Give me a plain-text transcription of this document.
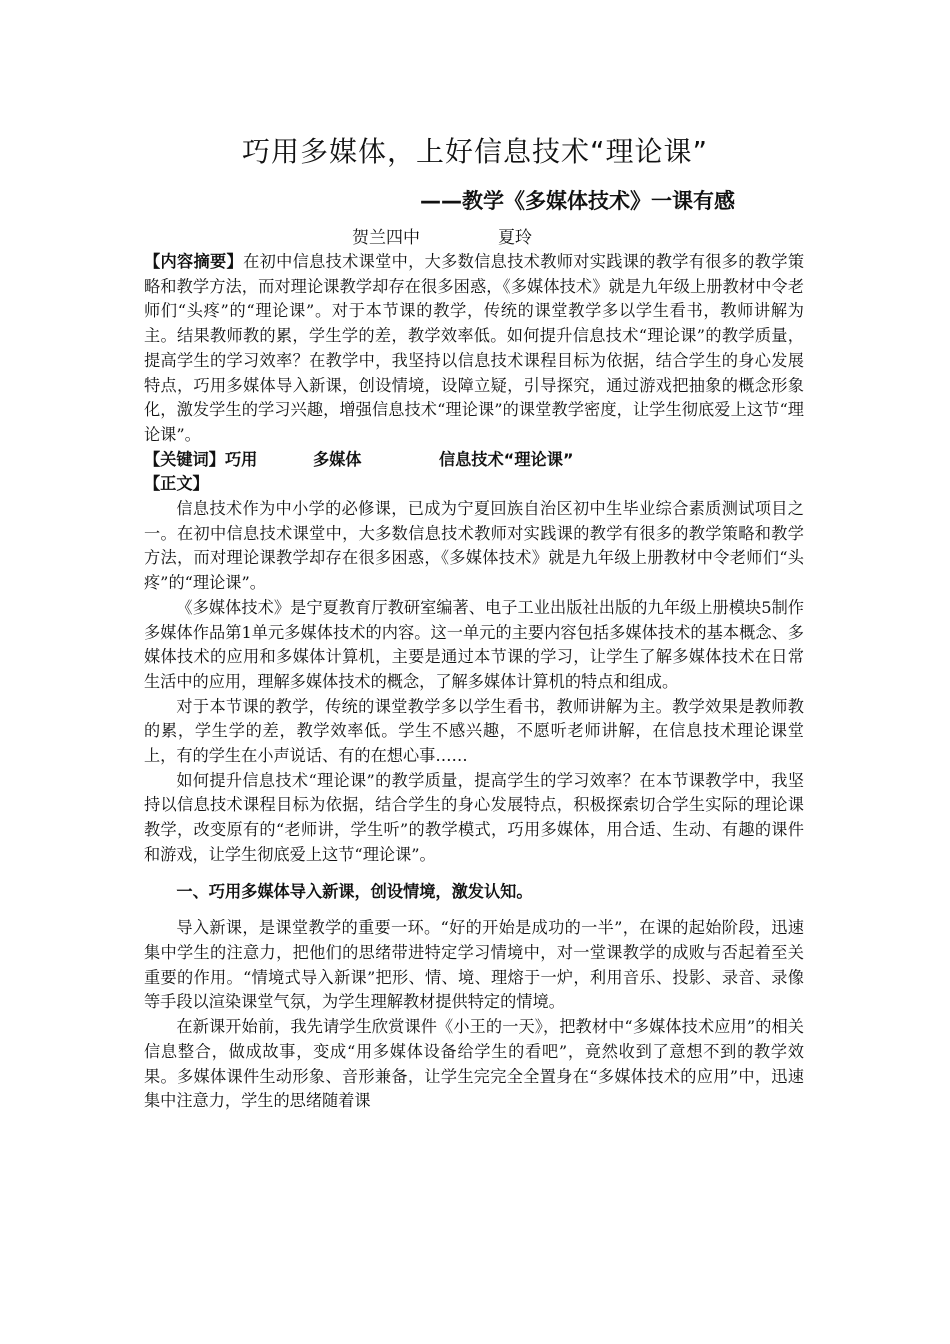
巧用多媒体，上好信息技术“理论课”
——教学《多媒体技术》一课有感
贺兰四中	夏玲

【内容摘要】在初中信息技术课堂中，大多数信息技术教师对实践课的教学有很多的教学策略和教学方法，而对理论课教学却存在很多困惑，《多媒体技术》就是九年级上册教材中令老师们“头疼”的“理论课”。对于本节课的教学，传统的课堂教学多以学生看书，教师讲解为主。结果教师教的累，学生学的差，教学效率低。如何提升信息技术“理论课”的教学质量，提高学生的学习效率？在教学中，我坚持以信息技术课程目标为依据，结合学生的身心发展特点，巧用多媒体导入新课，创设情境，设障立疑，引导探究，通过游戏把抽象的概念形象化，激发学生的学习兴趣，增强信息技术“理论课”的课堂教学密度，让学生彻底爱上这节“理论课”。

【关键词】巧用	多媒体	信息技术“理论课”

【正文】

信息技术作为中小学的必修课，已成为宁夏回族自治区初中生毕业综合素质测试项目之一。在初中信息技术课堂中，大多数信息技术教师对实践课的教学有很多的教学策略和教学方法，而对理论课教学却存在很多困惑，《多媒体技术》就是九年级上册教材中令老师们“头疼”的“理论课”。

《多媒体技术》是宁夏教育厅教研室编著、电子工业出版社出版的九年级上册模块5制作多媒体作品第1单元多媒体技术的内容。这一单元的主要内容包括多媒体技术的基本概念、多媒体技术的应用和多媒体计算机，主要是通过本节课的学习，让学生了解多媒体技术在日常生活中的应用，理解多媒体技术的概念，了解多媒体计算机的特点和组成。

对于本节课的教学，传统的课堂教学多以学生看书，教师讲解为主。教学效果是教师教的累，学生学的差，教学效率低。学生不感兴趣，不愿听老师讲解，在信息技术理论课堂上，有的学生在小声说话、有的在想心事……

如何提升信息技术“理论课”的教学质量，提高学生的学习效率？在本节课教学中，我坚持以信息技术课程目标为依据，结合学生的身心发展特点，积极探索切合学生实际的理论课教学，改变原有的“老师讲，学生听”的教学模式，巧用多媒体，用合适、生动、有趣的课件和游戏，让学生彻底爱上这节“理论课”。

一、巧用多媒体导入新课，创设情境，激发认知。

导入新课，是课堂教学的重要一环。“好的开始是成功的一半”，在课的起始阶段，迅速集中学生的注意力，把他们的思绪带进特定学习情境中，对一堂课教学的成败与否起着至关重要的作用。“情境式导入新课”把形、情、境、理熔于一炉，利用音乐、投影、录音、录像等手段以渲染课堂气氛，为学生理解教材提供特定的情境。

在新课开始前，我先请学生欣赏课件《小王的一天》，把教材中“多媒体技术应用”的相关信息整合，做成故事，变成“用多媒体设备给学生的看吧”，竟然收到了意想不到的教学效果。多媒体课件生动形象、音形兼备，让学生完完全全置身在“多媒体技术的应用”中，迅速集中注意力，学生的思绪随着课
